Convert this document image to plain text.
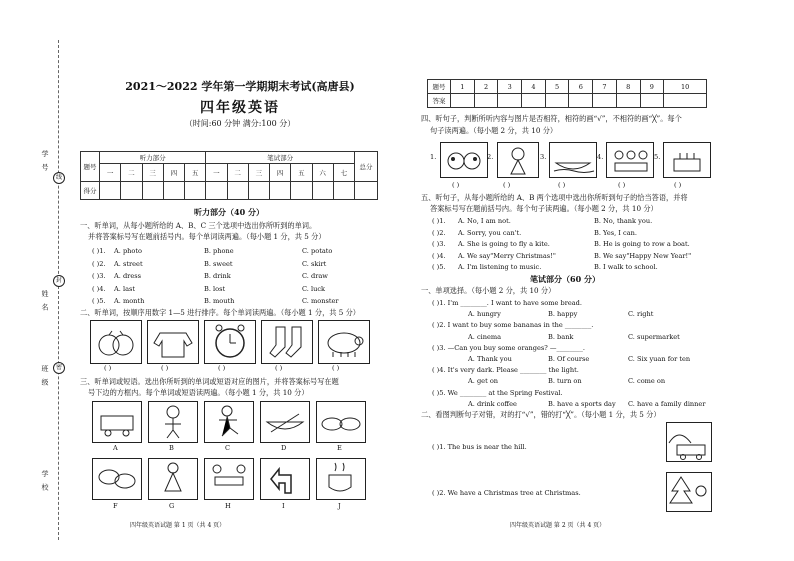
学 号
姓 名
班 级
学 校
线
封
密
2021～2022 学年第一学期期末考试(高唐县)
四年级英语
（时间:60 分钟 满分:100 分）
题号	听力部分					笔试部分							总分
	一	二	三	四	五	一	二	三	四	五	六	七	
得分													
听力部分（40 分）
一、听单词，从每小题所给的 A、B、C 三个选项中选出你所听到的单词。
并将答案标号写在题前括号内。每个单词读两遍。（每小题 1 分，共 5 分）
( )1. A. photo	B. phone	C. potato
( )2. A. street	B. sweet	C. skirt
( )3. A. dress	B. drink	C. draw
( )4. A. last	B. lost	C. luck
( )5. A. month	B. mouth	C. monster
二、听单词，按顺序用数字 1—5 进行排序。每个单词读两遍。（每小题 1 分，共 5 分）
( )	( )	( )	( )	( )
三、听单词或短语。选出你所听到的单词或短语对应的图片，并将答案标号写在题
号下边的方框内。每个单词或短语读两遍。（每小题 1 分，共 10 分）
A	B	C	D	E
F	G	H	I	J
四年级英语试题 第 1 页（共 4 页）
题号	1	2	3	4	5	6	7	8	9	10
答案										
四、听句子，判断所听内容与图片是否相符，相符的画“√”，不相符的画“╳”。每个
句子读两遍。（每小题 2 分，共 10 分）
1.	2.	3.	4.	5.
( )	( )	( )	( )	( )
五、听句子，从每小题所给的 A、B 两个选项中选出你所听到句子的恰当答语，并将
答案标号写在题前括号内。每个句子读两遍。（每小题 2 分，共 10 分）
( )1. A. No, I am not.	B. No, thank you.
( )2. A. Sorry, you can't.	B. Yes, I can.
( )3. A. She is going to fly a kite.	B. He is going to row a boat.
( )4. A. We say"Merry Christmas!"	B. We say"Happy New Year!"
( )5. A. I'm listening to music.	B. I walk to school.
笔试部分（60 分）
一、单项选择。（每小题 2 分，共 10 分）
( )1. I'm ________. I want to have some bread.
A. hungry	B. happy	C. right
( )2. I want to buy some bananas in the ________.
A. cinema	B. bank	C. supermarket
( )3. —Can you buy some oranges? —________.
A. Thank you	B. Of course	C. Six yuan for ten
( )4. It's very dark. Please ________ the light.
A. get on	B. turn on	C. come on
( )5. We ________ at the Spring Festival.
A. drink coffee	B. have a sports day C. have a family dinner
二、看图判断句子对错，对的打“√”，错的打“╳”。（每小题 1 分，共 5 分）
( )1. The bus is near the hill.
( )2. We have a Christmas tree at Christmas.
四年级英语试题 第 2 页（共 4 页）
